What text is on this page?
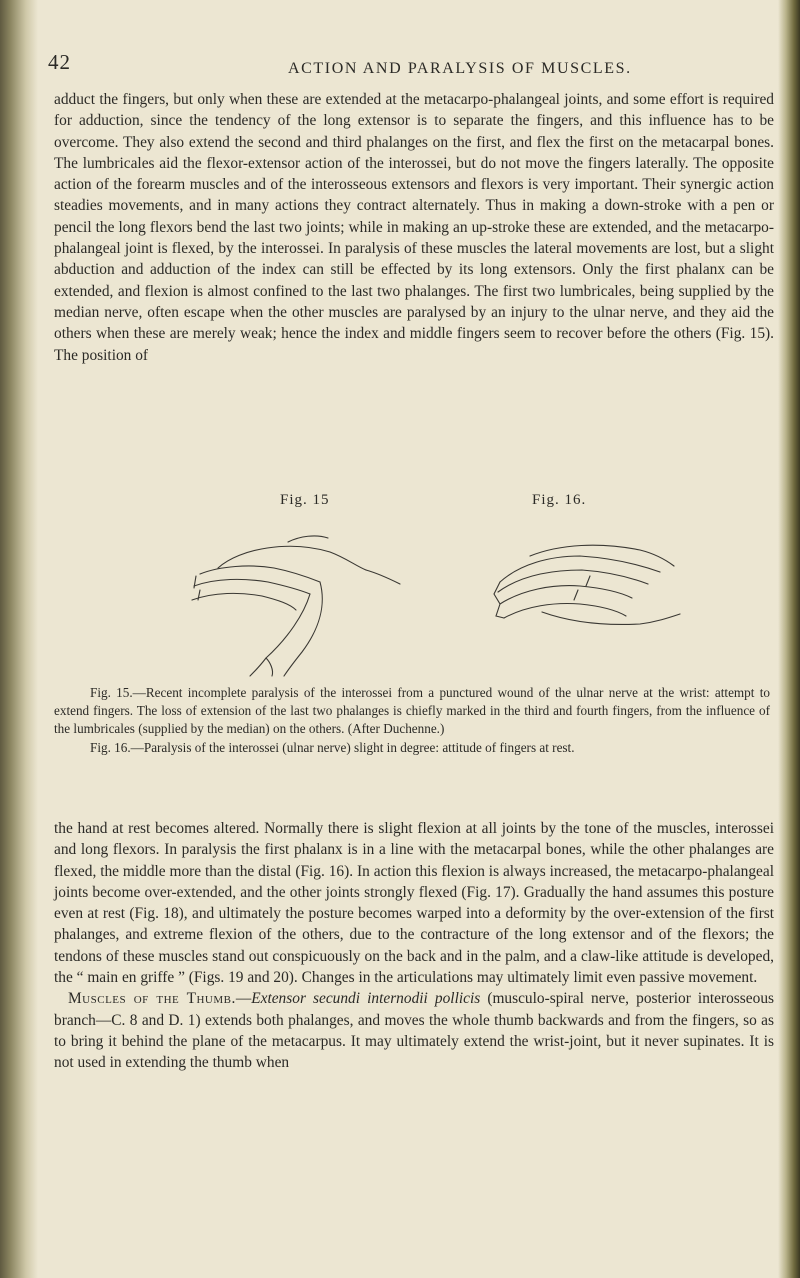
42	ACTION AND PARALYSIS OF MUSCLES.

adduct the fingers, but only when these are extended at the metacarpo-phalangeal joints, and some effort is required for adduction, since the tendency of the long extensor is to separate the fingers, and this influence has to be overcome. They also extend the second and third phalanges on the first, and flex the first on the metacarpal bones. The lumbricales aid the flexor-extensor action of the interossei, but do not move the fingers laterally. The opposite action of the forearm muscles and of the interosseous extensors and flexors is very important. Their synergic action steadies movements, and in many actions they contract alternately. Thus in making a down-stroke with a pen or pencil the long flexors bend the last two joints; while in making an up-stroke these are extended, and the metacarpo-phalangeal joint is flexed, by the interossei. In paralysis of these muscles the lateral movements are lost, but a slight abduction and adduction of the index can still be effected by its long extensors. Only the first phalanx can be extended, and flexion is almost confined to the last two phalanges. The first two lumbricales, being supplied by the median nerve, often escape when the other muscles are paralysed by an injury to the ulnar nerve, and they aid the others when these are merely weak; hence the index and middle fingers seem to recover before the others (Fig. 15). The position of

Fig. 15	Fig. 16.

Fig. 15.—Recent incomplete paralysis of the interossei from a punctured wound of the ulnar nerve at the wrist: attempt to extend fingers. The loss of extension of the last two phalanges is chiefly marked in the third and fourth fingers, from the influence of the lumbricales (supplied by the median) on the others. (After Duchenne.)

Fig. 16.—Paralysis of the interossei (ulnar nerve) slight in degree: attitude of fingers at rest.

the hand at rest becomes altered. Normally there is slight flexion at all joints by the tone of the muscles, interossei and long flexors. In paralysis the first phalanx is in a line with the metacarpal bones, while the other phalanges are flexed, the middle more than the distal (Fig. 16). In action this flexion is always increased, the metacarpo-phalangeal joints become over-extended, and the other joints strongly flexed (Fig. 17). Gradually the hand assumes this posture even at rest (Fig. 18), and ultimately the posture becomes warped into a deformity by the over-extension of the first phalanges, and extreme flexion of the others, due to the contracture of the long extensor and of the flexors; the tendons of these muscles stand out conspicuously on the back and in the palm, and a claw-like attitude is developed, the “ main en griffe ” (Figs. 19 and 20). Changes in the articulations may ultimately limit even passive movement.

Muscles of the Thumb.—Extensor secundi internodii pollicis (musculo-spiral nerve, posterior interosseous branch—C. 8 and D. 1) extends both phalanges, and moves the whole thumb backwards and from the fingers, so as to bring it behind the plane of the metacarpus. It may ultimately extend the wrist-joint, but it never supinates. It is not used in extending the thumb when
